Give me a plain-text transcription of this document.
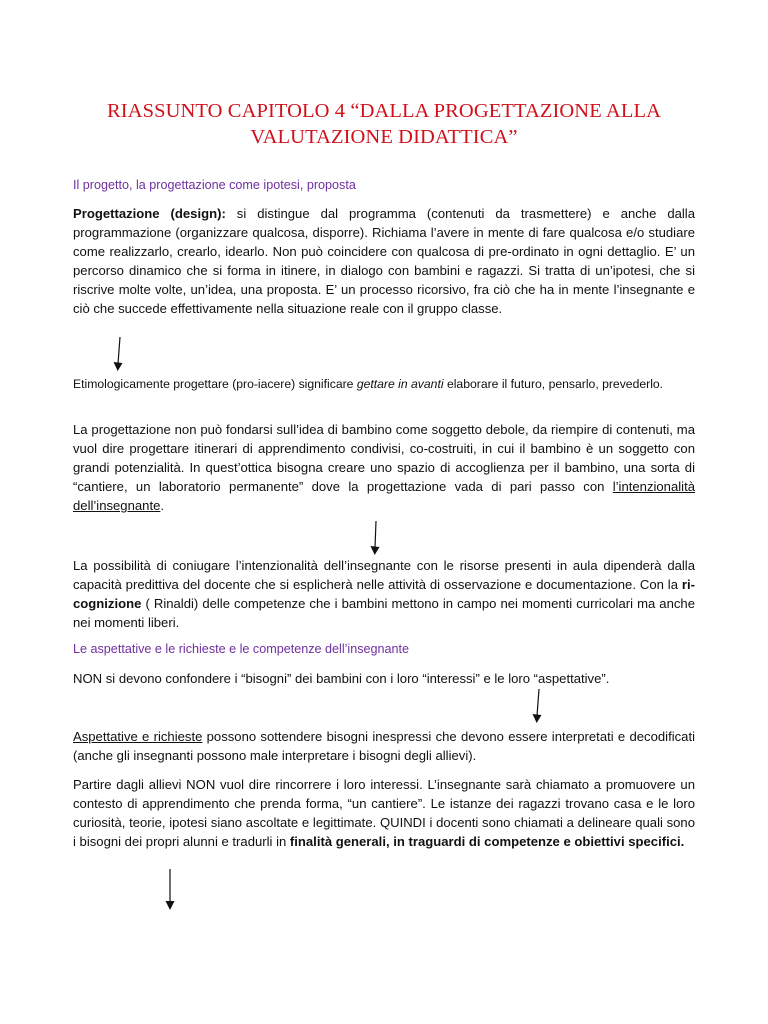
RIASSUNTO CAPITOLO 4 “DALLA PROGETTAZIONE ALLA
VALUTAZIONE DIDATTICA”
Il progetto, la progettazione come ipotesi, proposta
Progettazione (design): si distingue dal programma (contenuti da trasmettere) e anche dalla programmazione (organizzare qualcosa, disporre). Richiama l’avere in mente di fare qualcosa e/o studiare come realizzarlo, crearlo, idearlo. Non può coincidere con qualcosa di pre-ordinato in ogni dettaglio. E’ un percorso dinamico che si forma in itinere, in dialogo con bambini e ragazzi. Si tratta di un’ipotesi, che si riscrive molte volte, un’idea, una proposta. E’ un processo ricorsivo, fra ciò che ha in mente l’insegnante e ciò che succede effettivamente nella situazione reale con il gruppo classe.
Etimologicamente progettare (pro-iacere) significare gettare in avanti elaborare il futuro, pensarlo, prevederlo.
La progettazione non può fondarsi sull’idea di bambino come soggetto debole, da riempire di contenuti, ma vuol dire progettare itinerari di apprendimento condivisi, co-costruiti, in cui il bambino è un soggetto con grandi potenzialità. In quest’ottica bisogna creare uno spazio di accoglienza per il bambino, una sorta di “cantiere, un laboratorio permanente” dove la progettazione vada di pari passo con l’intenzionalità dell’insegnante.
La possibilità di coniugare l’intenzionalità dell’insegnante con le risorse presenti in aula dipenderà dalla capacità predittiva del docente che si esplicherà nelle attività di osservazione e documentazione. Con la ri-cognizione ( Rinaldi) delle competenze che i bambini mettono in campo nei momenti curricolari ma anche nei momenti liberi.
Le aspettative e le richieste e le competenze dell’insegnante
NON si devono confondere i “bisogni” dei bambini con i loro “interessi” e le loro “aspettative”.
Aspettative e richieste possono sottendere bisogni inespressi che devono essere interpretati e decodificati (anche gli insegnanti possono male interpretare i bisogni degli allievi).
Partire dagli allievi NON vuol dire rincorrere i loro interessi. L’insegnante sarà chiamato a promuovere un contesto di apprendimento che prenda forma, “un cantiere”. Le istanze dei ragazzi trovano casa e le loro curiosità, teorie, ipotesi siano ascoltate e legittimate. QUINDI i docenti sono chiamati a delineare quali sono i bisogni dei propri alunni e tradurli in finalità generali, in traguardi di competenze e obiettivi specifici.
